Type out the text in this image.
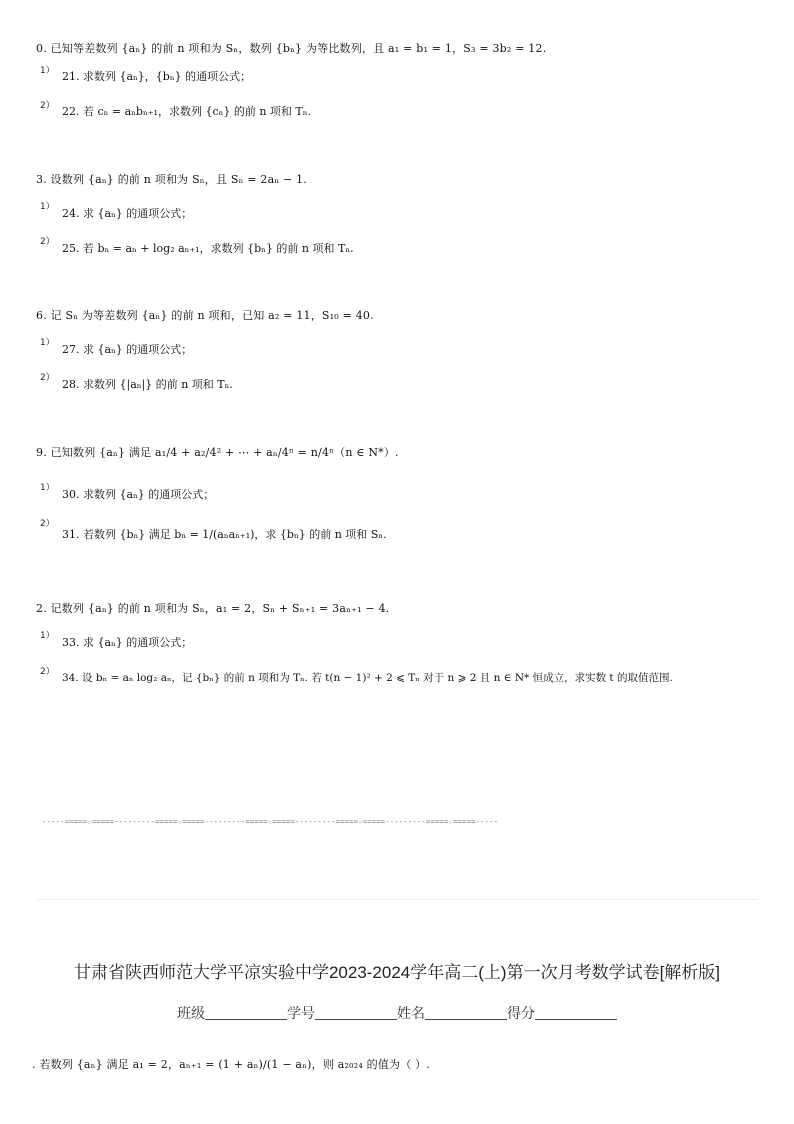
0. 已知等差数列 {aₙ} 的前 n 项和为 Sₙ，数列 {bₙ} 为等比数列，且 a₁ = b₁ = 1，S₃ = 3b₂ = 12.
1） 21. 求数列 {aₙ}，{bₙ} 的通项公式；
2） 22. 若 cₙ = aₙbₙ₊₁，求数列 {cₙ} 的前 n 项和 Tₙ.
3. 设数列 {aₙ} 的前 n 项和为 Sₙ，且 Sₙ = 2aₙ − 1.
1） 24. 求 {aₙ} 的通项公式；
2） 25. 若 bₙ = aₙ + log₂ aₙ₊₁，求数列 {bₙ} 的前 n 项和 Tₙ.
6. 记 Sₙ 为等差数列 {aₙ} 的前 n 项和，已知 a₂ = 11，S₁₀ = 40.
1） 27. 求 {aₙ} 的通项公式；
2） 28. 求数列 {|aₙ|} 的前 n 项和 Tₙ.
9. 已知数列 {aₙ} 满足 a₁/4 + a₂/4² + ⋯ + aₙ/4ⁿ = n/4ⁿ（n ∈ N*）.
1） 30. 求数列 {aₙ} 的通项公式；
2）
31. 若数列 {bₙ} 满足 bₙ = 1/(aₙaₙ₊₁)，求 {bₙ} 的前 n 项和 Sₙ.
2. 记数列 {aₙ} 的前 n 项和为 Sₙ，a₁ = 2，Sₙ + Sₙ₊₁ = 3aₙ₊₁ − 4.
1） 33. 求 {aₙ} 的通项公式；
2） 34. 设 bₙ = aₙ log₂ aₙ，记 {bₙ} 的前 n 项和为 Tₙ. 若 t(n − 1)² + 2 ⩽ Tₙ 对于 n ⩾ 2 且 n ∈ N* 恒成立，求实数 t 的取值范围.
-----=====☆=====---------=====☆=====---------=====☆=====---------=====☆=====---------=====☆=====-----
甘肃省陕西师范大学平凉实验中学2023-2024学年高二(上)第一次月考数学试卷[解析版]
班级	学号	姓名	得分
. 若数列 {aₙ} 满足 a₁ = 2，aₙ₊₁ = (1 + aₙ)/(1 − aₙ)，则 a₂₀₂₄ 的值为（ ）.
